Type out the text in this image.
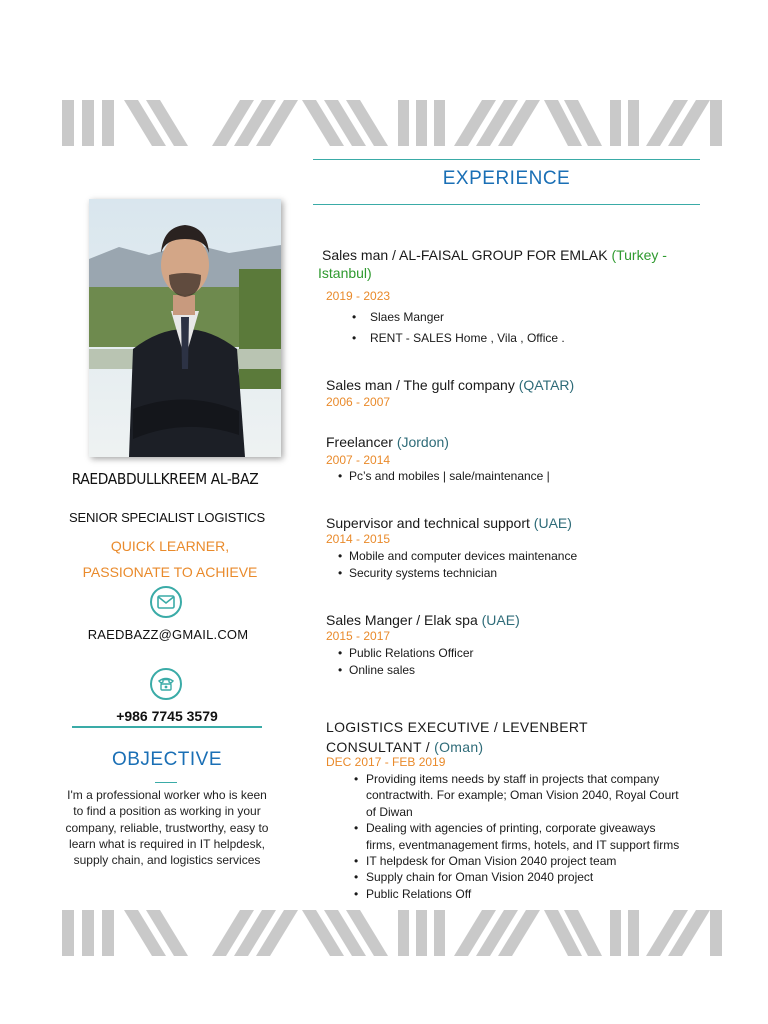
RAEDABDULLKREEM AL-BAZ
SENIOR SPECIALIST LOGISTICS
QUICK LEARNER, PASSIONATE TO ACHIEVE
RAEDBAZZ@GMAIL.COM
+986 7745 3579
OBJECTIVE
I'm a professional worker who is keen to find a position as working in your company, reliable, trustworthy, easy to learn what is required in IT helpdesk, supply chain, and logistics services
EXPERIENCE
Sales man / AL-FAISAL GROUP FOR EMLAK (Turkey - Istanbul)
2019 - 2023
• Slaes Manger
• RENT - SALES Home , Vila , Office .
Sales man / The gulf company (QATAR)
2006 - 2007
Freelancer (Jordon)
2007 - 2014
• Pc’s and mobiles | sale/maintenance |
Supervisor and technical support (UAE)
2014 - 2015
• Mobile and computer devices maintenance
• Security systems technician
Sales Manger / Elak spa (UAE)
2015 - 2017
• Public Relations Officer
• Online sales
LOGISTICS EXECUTIVE / LEVENBERT CONSULTANT / (Oman)
DEC 2017 - FEB 2019
• Providing items needs by staff in projects that company contractwith. For example; Oman Vision 2040, Royal Court of Diwan
• Dealing with agencies of printing, corporate giveaways firms, eventmanagement firms, hotels, and IT support firms
• IT helpdesk for Oman Vision 2040 project team
• Supply chain for Oman Vision 2040 project
• Public Relations Off
